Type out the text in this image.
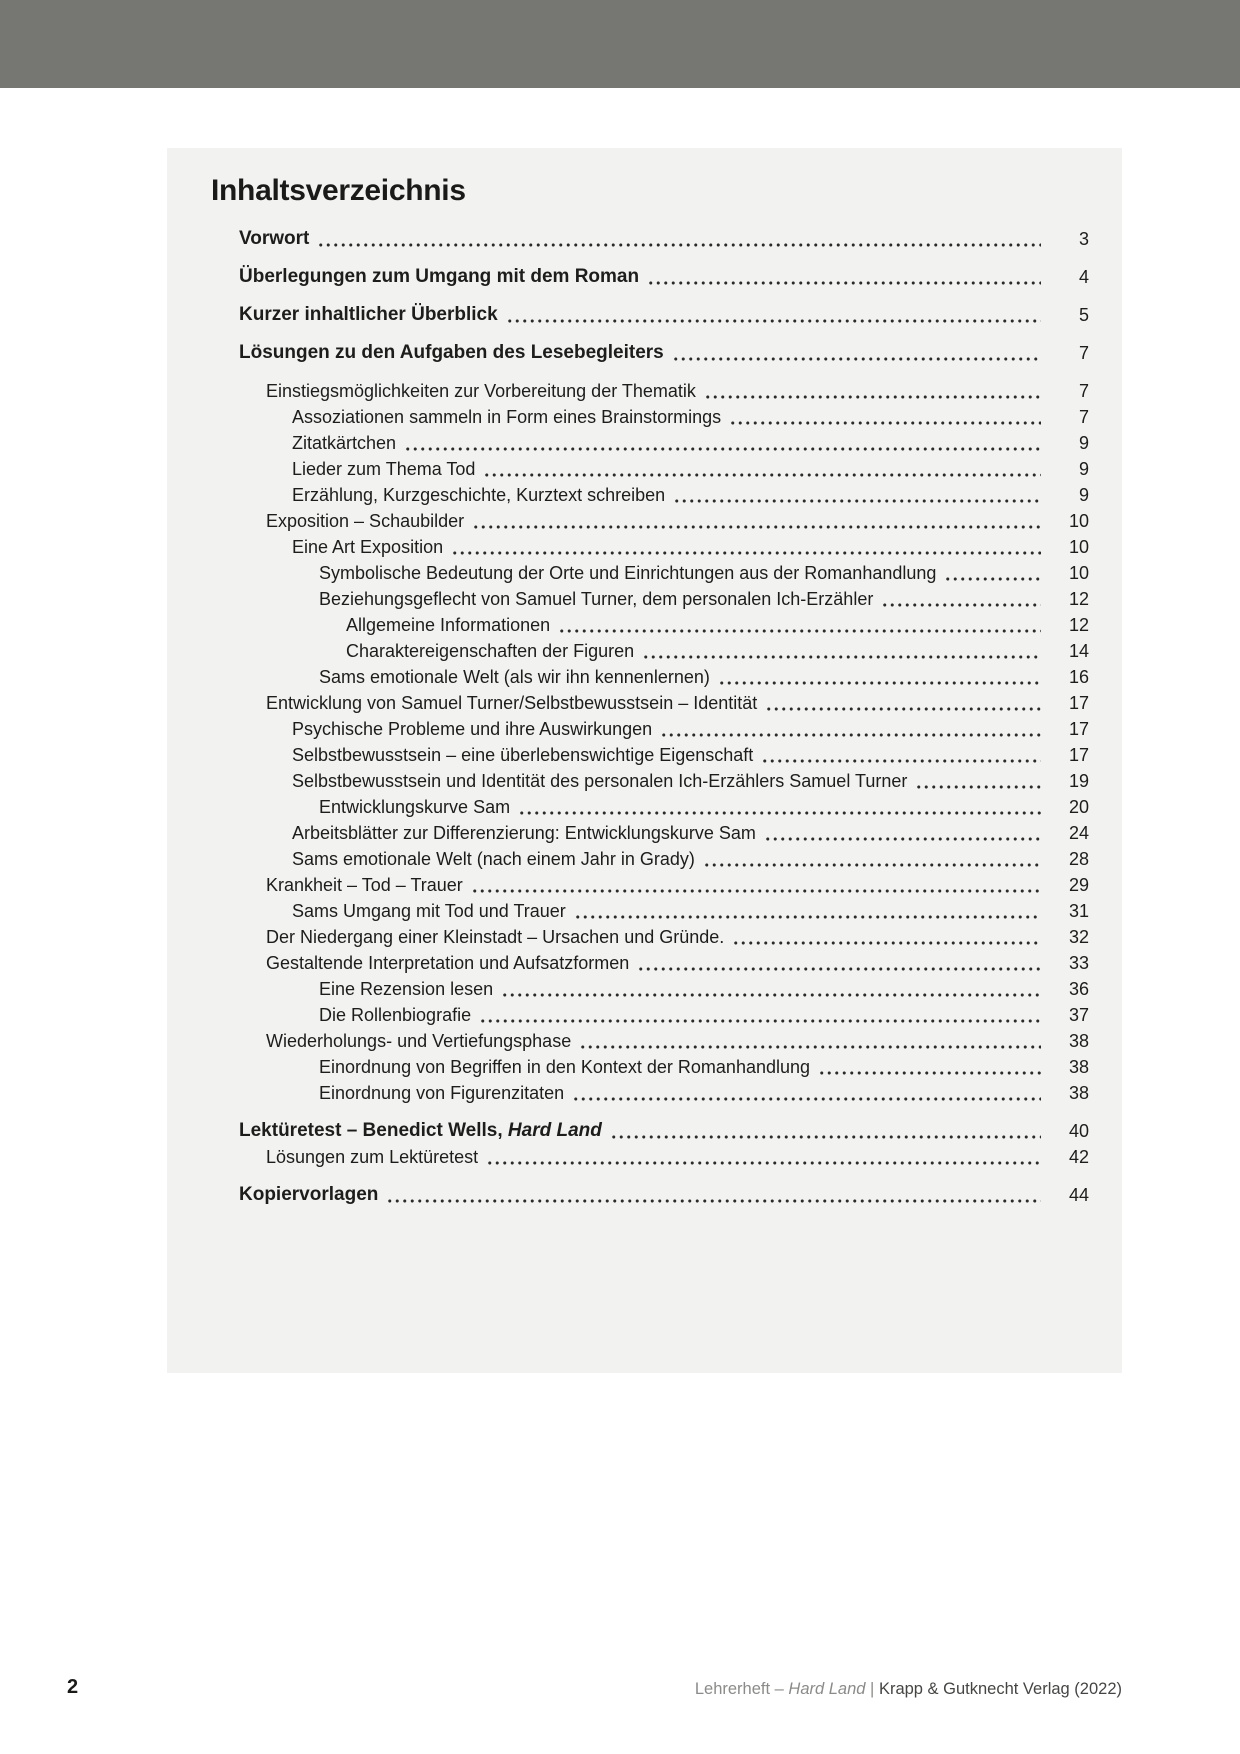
Inhaltsverzeichnis
Vorwort	3
Überlegungen zum Umgang mit dem Roman	4
Kurzer inhaltlicher Überblick	5
Lösungen zu den Aufgaben des Lesebegleiters	7
Einstiegsmöglichkeiten zur Vorbereitung der Thematik	7
Assoziationen sammeln in Form eines Brainstormings	7
Zitatkärtchen	9
Lieder zum Thema Tod	9
Erzählung, Kurzgeschichte, Kurztext schreiben	9
Exposition – Schaubilder	10
Eine Art Exposition	10
Symbolische Bedeutung der Orte und Einrichtungen aus der Romanhandlung	10
Beziehungsgeflecht von Samuel Turner, dem personalen Ich-Erzähler	12
Allgemeine Informationen	12
Charaktereigenschaften der Figuren	14
Sams emotionale Welt (als wir ihn kennenlernen)	16
Entwicklung von Samuel Turner/Selbstbewusstsein – Identität	17
Psychische Probleme und ihre Auswirkungen	17
Selbstbewusstsein – eine überlebenswichtige Eigenschaft	17
Selbstbewusstsein und Identität des personalen Ich-Erzählers Samuel Turner	19
Entwicklungskurve Sam	20
Arbeitsblätter zur Differenzierung: Entwicklungskurve Sam	24
Sams emotionale Welt (nach einem Jahr in Grady)	28
Krankheit – Tod – Trauer	29
Sams Umgang mit Tod und Trauer	31
Der Niedergang einer Kleinstadt – Ursachen und Gründe.	32
Gestaltende Interpretation und Aufsatzformen	33
Eine Rezension lesen	36
Die Rollenbiografie	37
Wiederholungs- und Vertiefungsphase	38
Einordnung von Begriffen in den Kontext der Romanhandlung	38
Einordnung von Figurenzitaten	38
Lektüretest – Benedict Wells, Hard Land	40
Lösungen zum Lektüretest	42
Kopiervorlagen	44
2	Lehrerheft – Hard Land | Krapp & Gutknecht Verlag (2022)
